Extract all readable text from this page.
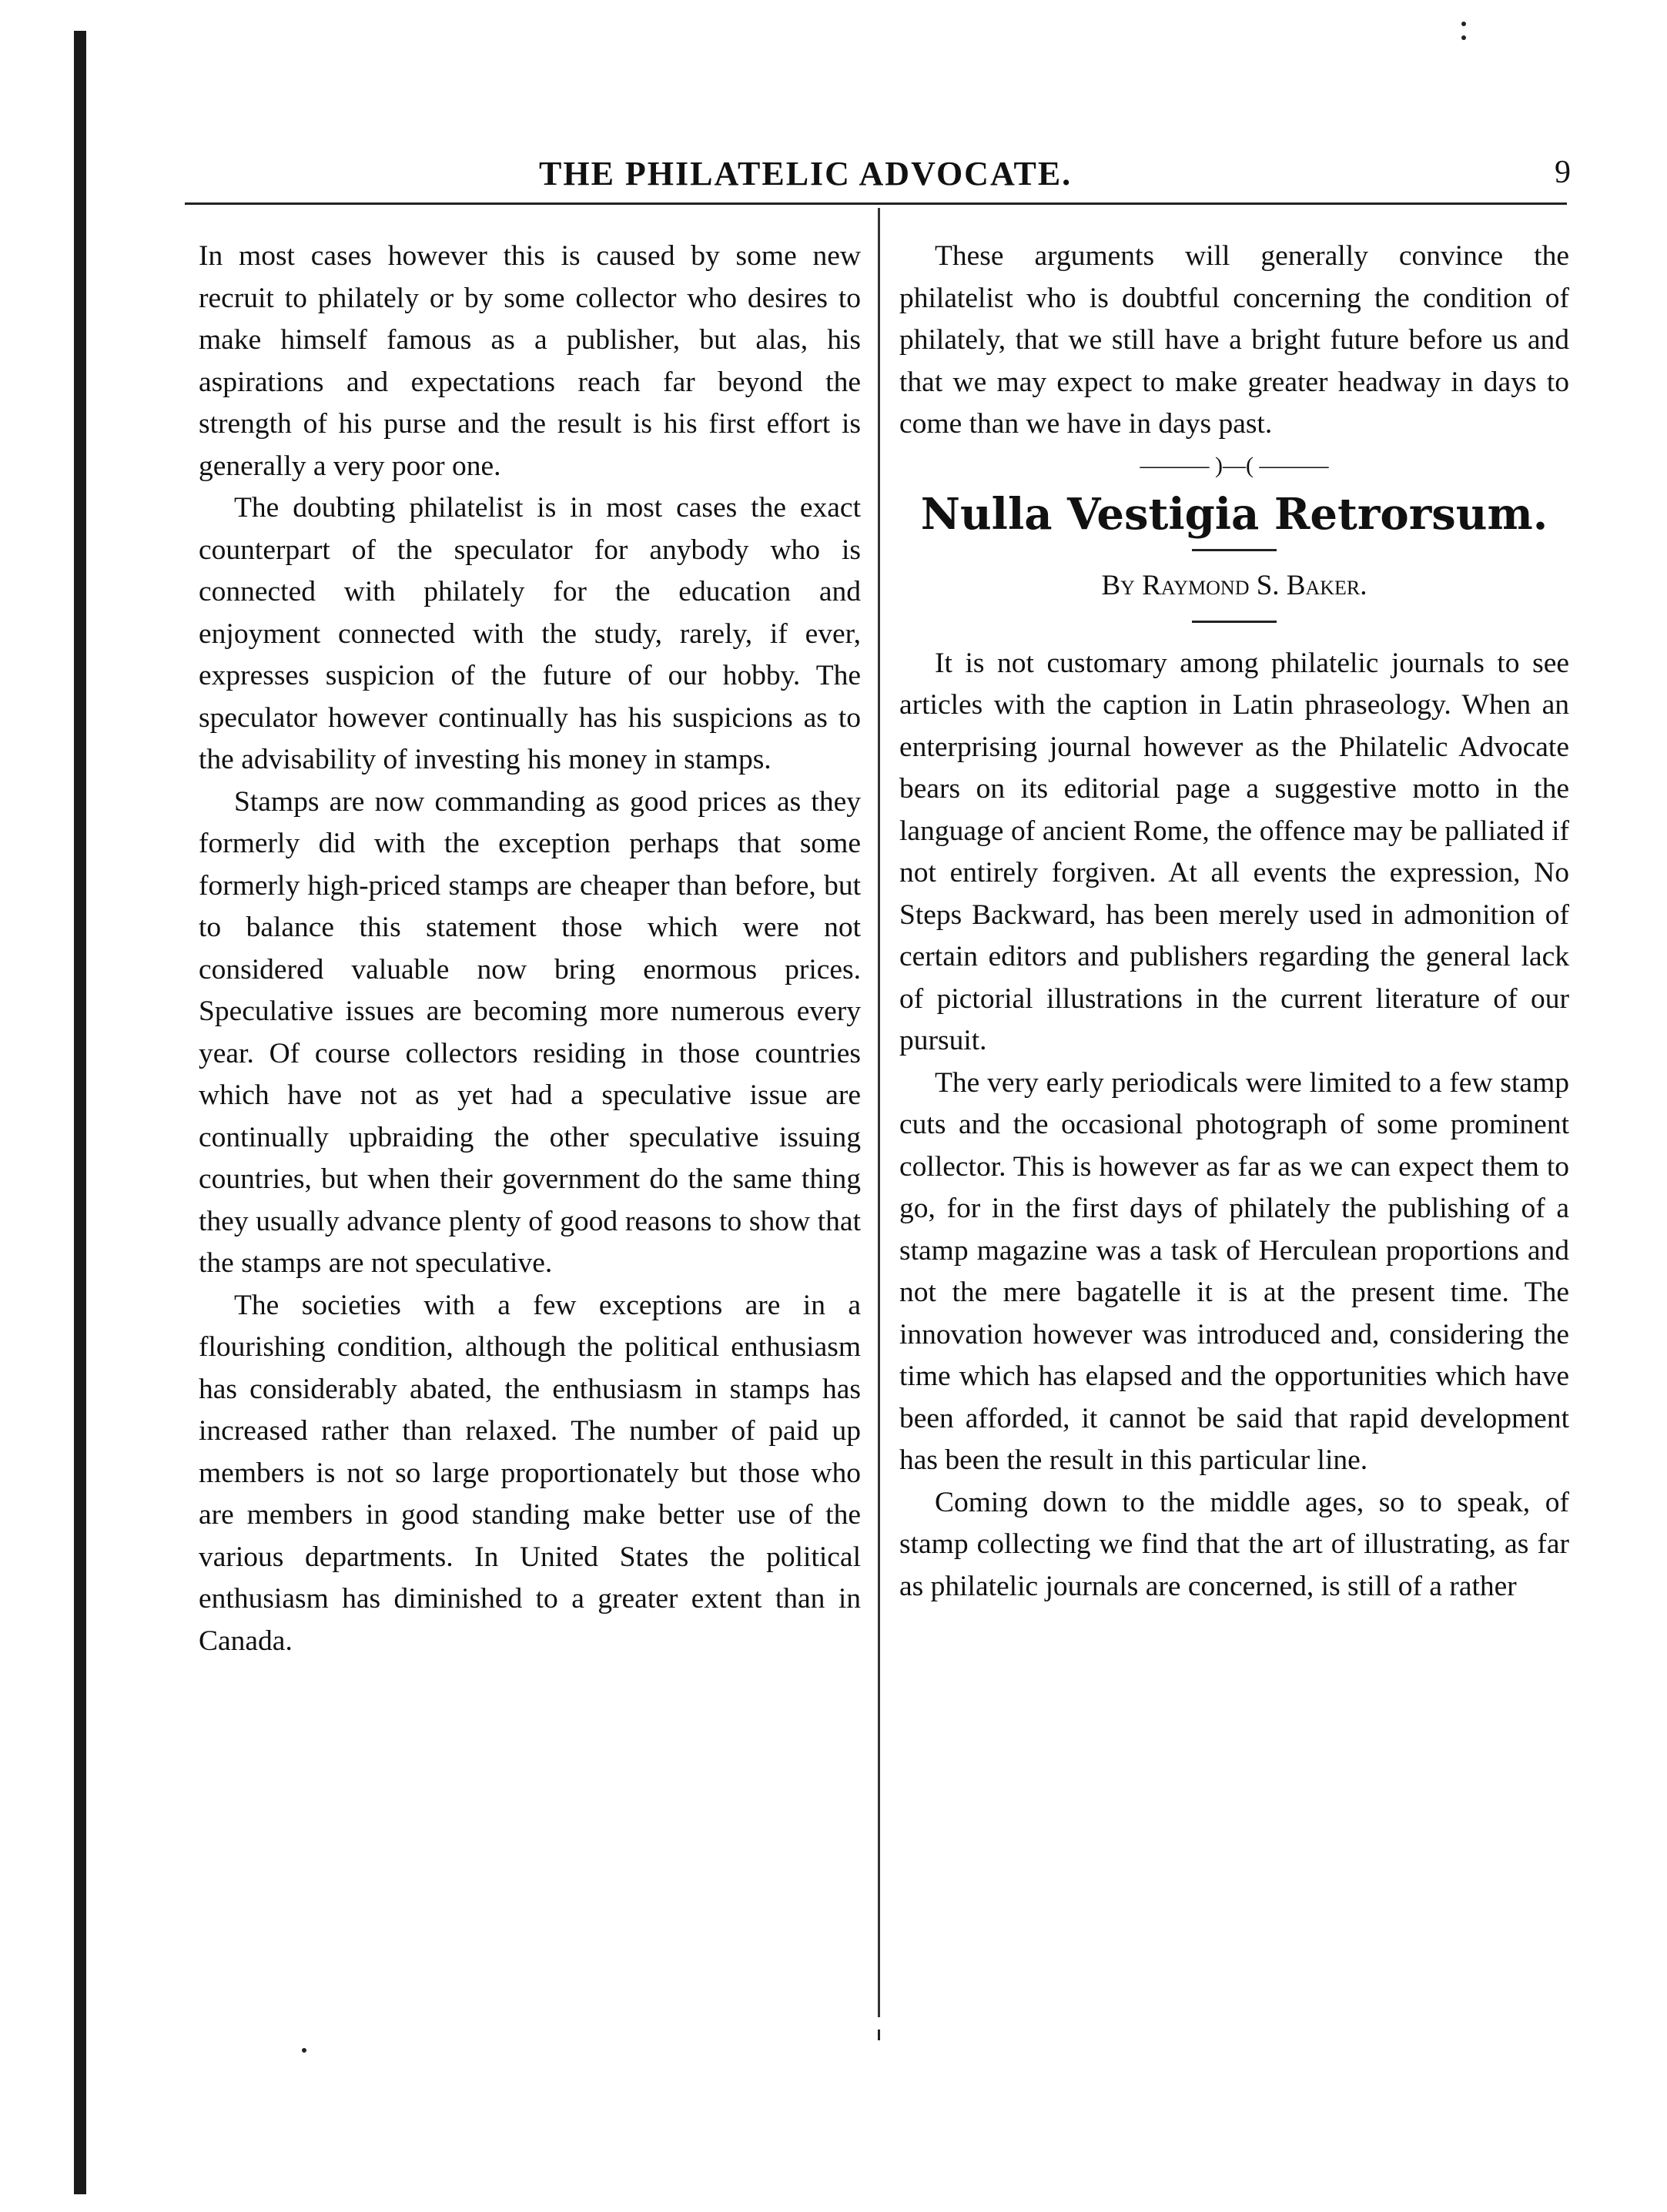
THE PHILATELIC ADVOCATE.	9

In most cases however this is caused by some new recruit to philately or by some collector who desires to make himself famous as a publisher, but alas, his aspirations and expectations reach far beyond the strength of his purse and the result is his first effort is generally a very poor one.

The doubting philatelist is in most cases the exact counterpart of the speculator for anybody who is connected with philately for the education and enjoyment connected with the study, rarely, if ever, expresses suspicion of the future of our hobby. The speculator however continually has his suspicions as to the advisability of investing his money in stamps.

Stamps are now commanding as good prices as they formerly did with the exception perhaps that some formerly high-priced stamps are cheaper than before, but to balance this statement those which were not considered valuable now bring enormous prices. Speculative issues are becoming more numerous every year. Of course collectors residing in those countries which have not as yet had a speculative issue are continually upbraiding the other speculative issuing countries, but when their government do the same thing they usually advance plenty of good reasons to show that the stamps are not speculative.

The societies with a few exceptions are in a flourishing condition, although the political enthusiasm has considerably abated, the enthusiasm in stamps has increased rather than relaxed. The number of paid up members is not so large proportionately but those who are members in good standing make better use of the various departments. In United States the political enthusiasm has diminished to a greater extent than in Canada.

These arguments will generally convince the philatelist who is doubtful concerning the condition of philately, that we still have a bright future before us and that we may expect to make greater headway in days to come than we have in days past.

——— )—( ———
Nulla Vestigia Retrorsum.

By Raymond S. Baker.

It is not customary among philatelic journals to see articles with the caption in Latin phraseology. When an enterprising journal however as the Philatelic Advocate bears on its editorial page a suggestive motto in the language of ancient Rome, the offence may be palliated if not entirely forgiven. At all events the expression, No Steps Backward, has been merely used in admonition of certain editors and publishers regarding the general lack of pictorial illustrations in the current literature of our pursuit.

The very early periodicals were limited to a few stamp cuts and the occasional photograph of some prominent collector. This is however as far as we can expect them to go, for in the first days of philately the publishing of a stamp magazine was a task of Herculean proportions and not the mere bagatelle it is at the present time. The innovation however was introduced and, considering the time which has elapsed and the opportunities which have been afforded, it cannot be said that rapid development has been the result in this particular line.

Coming down to the middle ages, so to speak, of stamp collecting we find that the art of illustrating, as far as philatelic journals are concerned, is still of a rather
